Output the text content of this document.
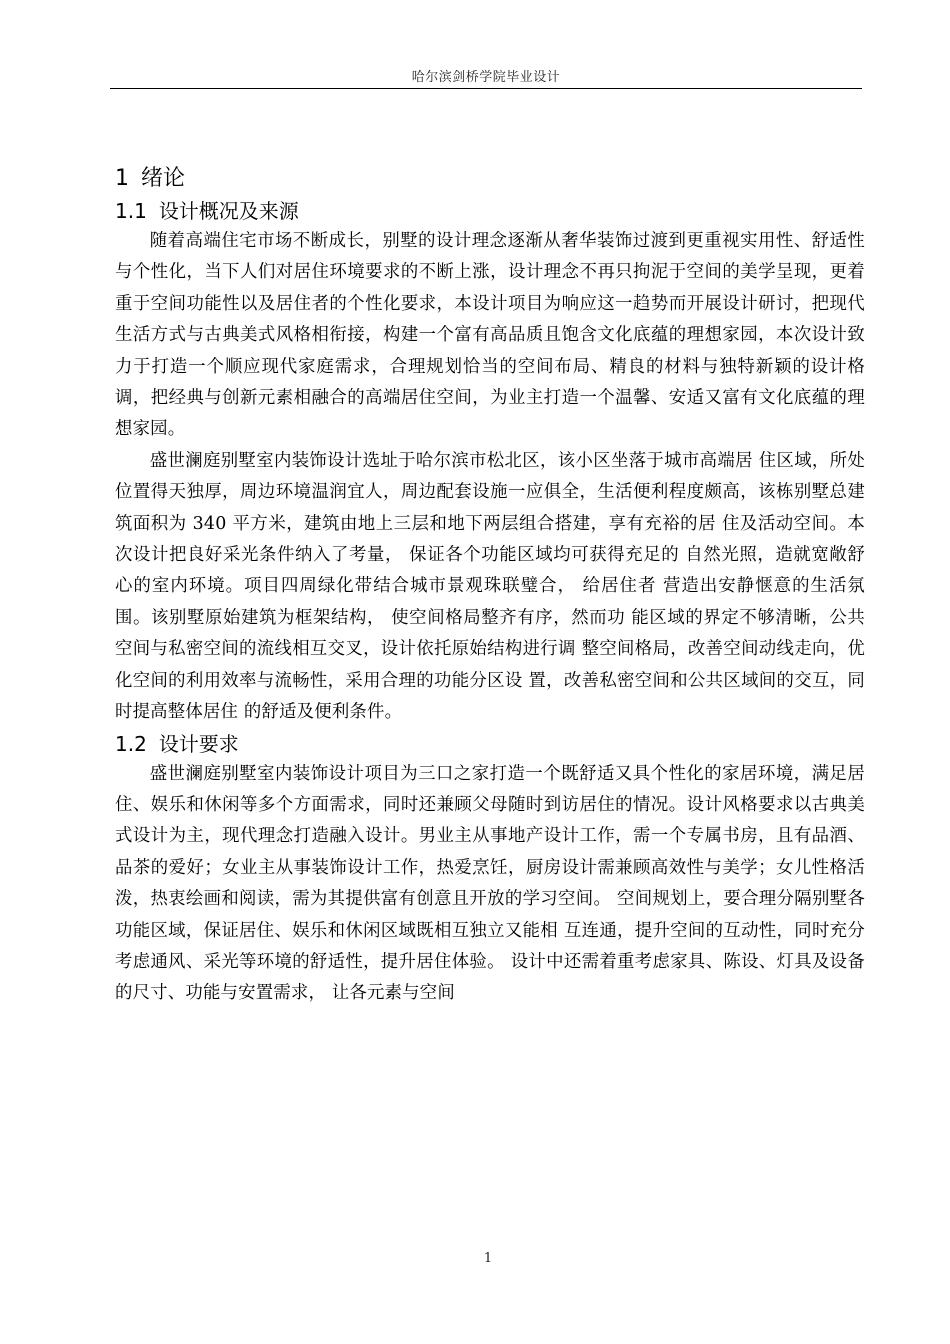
哈尔滨剑桥学院毕业设计
1 绪论
1.1 设计概况及来源

随着高端住宅市场不断成长，别墅的设计理念逐渐从奢华装饰过渡到更重视实用性、舒适性与个性化，当下人们对居住环境要求的不断上涨，设计理念不再只拘泥于空间的美学呈现，更着重于空间功能性以及居住者的个性化要求，本设计项目为响应这一趋势而开展设计研讨，把现代生活方式与古典美式风格相衔接，构建一个富有高品质且饱含文化底蕴的理想家园，本次设计致力于打造一个顺应现代家庭需求，合理规划恰当的空间布局、精良的材料与独特新颖的设计格调，把经典与创新元素相融合的高端居住空间，为业主打造一个温馨、安适又富有文化底蕴的理想家园。

盛世澜庭别墅室内装饰设计选址于哈尔滨市松北区，该小区坐落于城市高端居 住区域，所处位置得天独厚，周边环境温润宜人，周边配套设施一应俱全，生活便利程度颇高，该栋别墅总建筑面积为 340 平方米，建筑由地上三层和地下两层组合搭建，享有充裕的居 住及活动空间。本次设计把良好采光条件纳入了考量， 保证各个功能区域均可获得充足的 自然光照，造就宽敞舒心的室内环境。项目四周绿化带结合城市景观珠联璧合， 给居住者 营造出安静惬意的生活氛围。该别墅原始建筑为框架结构， 使空间格局整齐有序，然而功 能区域的界定不够清晰，公共空间与私密空间的流线相互交叉，设计依托原始结构进行调 整空间格局，改善空间动线走向，优化空间的利用效率与流畅性，采用合理的功能分区设 置，改善私密空间和公共区域间的交互，同时提高整体居住 的舒适及便利条件。

1.2 设计要求

盛世澜庭别墅室内装饰设计项目为三口之家打造一个既舒适又具个性化的家居环境，满足居住、娱乐和休闲等多个方面需求，同时还兼顾父母随时到访居住的情况。设计风格要求以古典美式设计为主，现代理念打造融入设计。男业主从事地产设计工作，需一个专属书房，且有品酒、品茶的爱好；女业主从事装饰设计工作，热爱烹饪，厨房设计需兼顾高效性与美学；女儿性格活泼，热衷绘画和阅读，需为其提供富有创意且开放的学习空间。 空间规划上，要合理分隔别墅各功能区域，保证居住、娱乐和休闲区域既相互独立又能相 互连通，提升空间的互动性，同时充分考虑通风、采光等环境的舒适性，提升居住体验。 设计中还需着重考虑家具、陈设、灯具及设备的尺寸、功能与安置需求， 让各元素与空间

1
